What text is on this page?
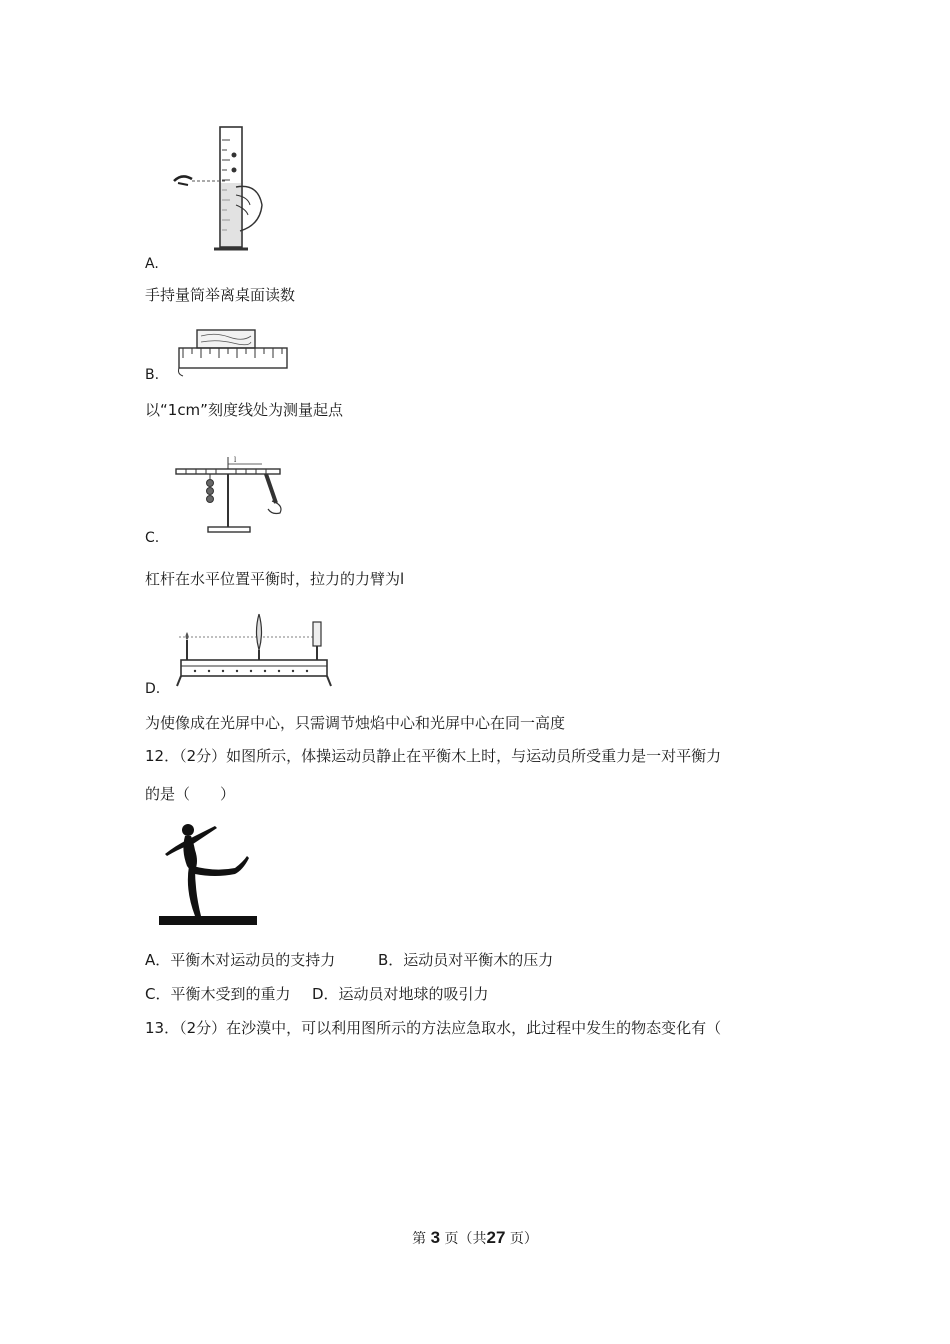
A.
手持量筒举离桌面读数
B.
以“1cm”刻度线处为测量起点
l
C.
杠杆在水平位置平衡时，拉力的力臂为l
D.
为使像成在光屏中心，只需调节烛焰中心和光屏中心在同一高度
12．（2分）如图所示，体操运动员静止在平衡木上时，与运动员所受重力是一对平衡力
的是（　　）
A．平衡木对运动员的支持力	B．运动员对平衡木的压力
C．平衡木受到的重力 D．运动员对地球的吸引力
13．（2分）在沙漠中，可以利用图所示的方法应急取水，此过程中发生的物态变化有（
第 3 页（共27 页）
